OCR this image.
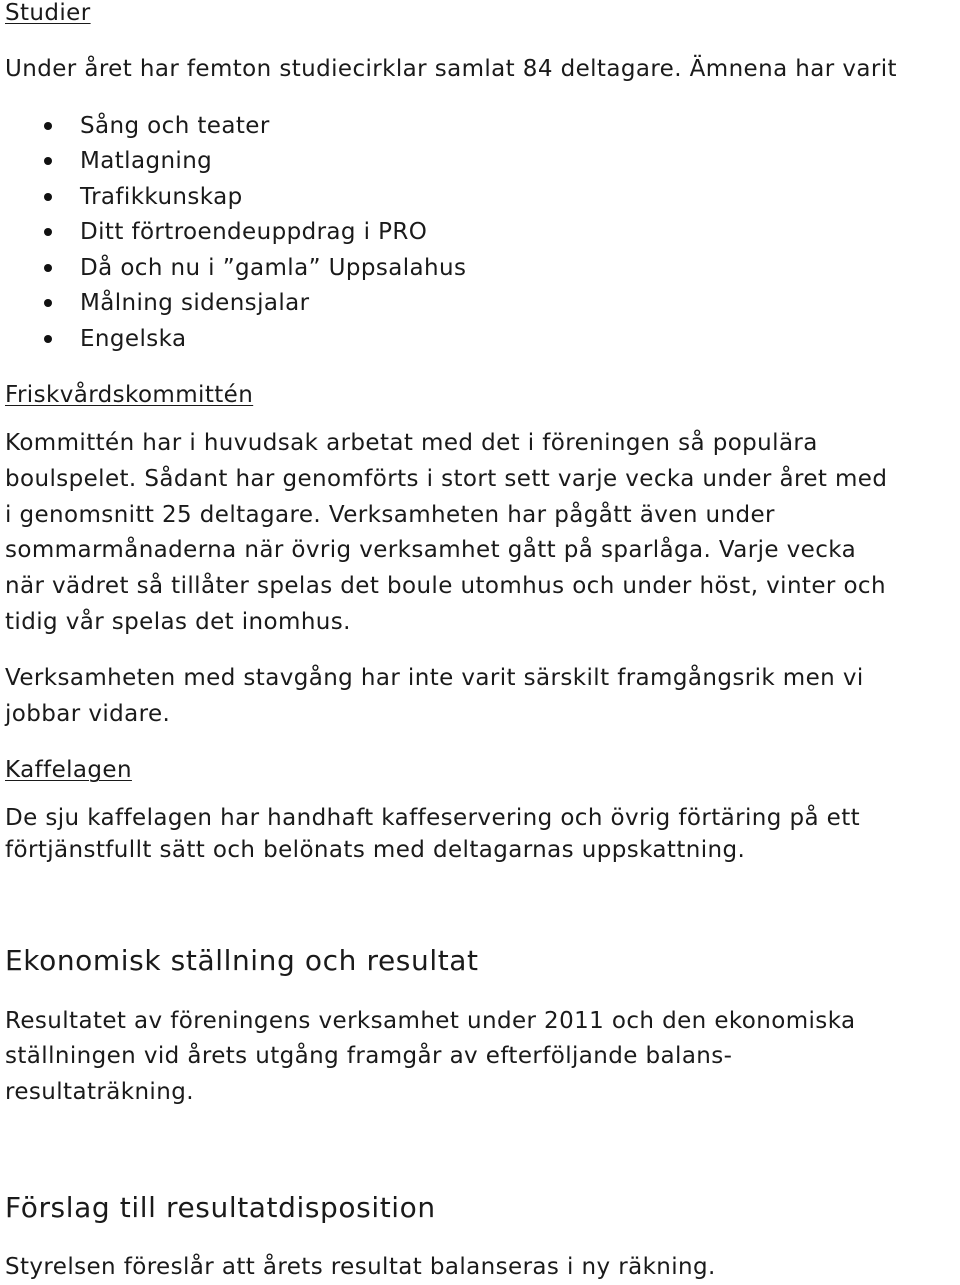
Studier

Under året har femton studiecirklar samlat 84 deltagare. Ämnena har varit

Sång och teater
Matlagning
Trafikkunskap
Ditt förtroendeuppdrag i PRO
Då och nu i ”gamla” Uppsalahus
Målning sidensjalar
Engelska
Friskvårdskommittén

Kommittén har i huvudsak arbetat med det i föreningen så populära

boulspelet. Sådant har genomförts i stort sett varje vecka under året med

i genomsnitt 25 deltagare. Verksamheten har pågått även under

sommarmånaderna när övrig verksamhet gått på sparlåga. Varje vecka

när vädret så tillåter spelas det boule utomhus och under höst, vinter och

tidig vår spelas det inomhus.

Verksamheten med stavgång har inte varit särskilt framgångsrik men vi

jobbar vidare.

Kaffelagen

De sju kaffelagen har handhaft kaffeservering och övrig förtäring på ett

förtjänstfullt sätt och belönats med deltagarnas uppskattning.

Ekonomisk ställning och resultat

Resultatet av föreningens verksamhet under 2011 och den ekonomiska

ställningen vid årets utgång framgår av efterföljande balans-

resultaträkning.

Förslag till resultatdisposition

Styrelsen föreslår att årets resultat balanseras i ny räkning.
